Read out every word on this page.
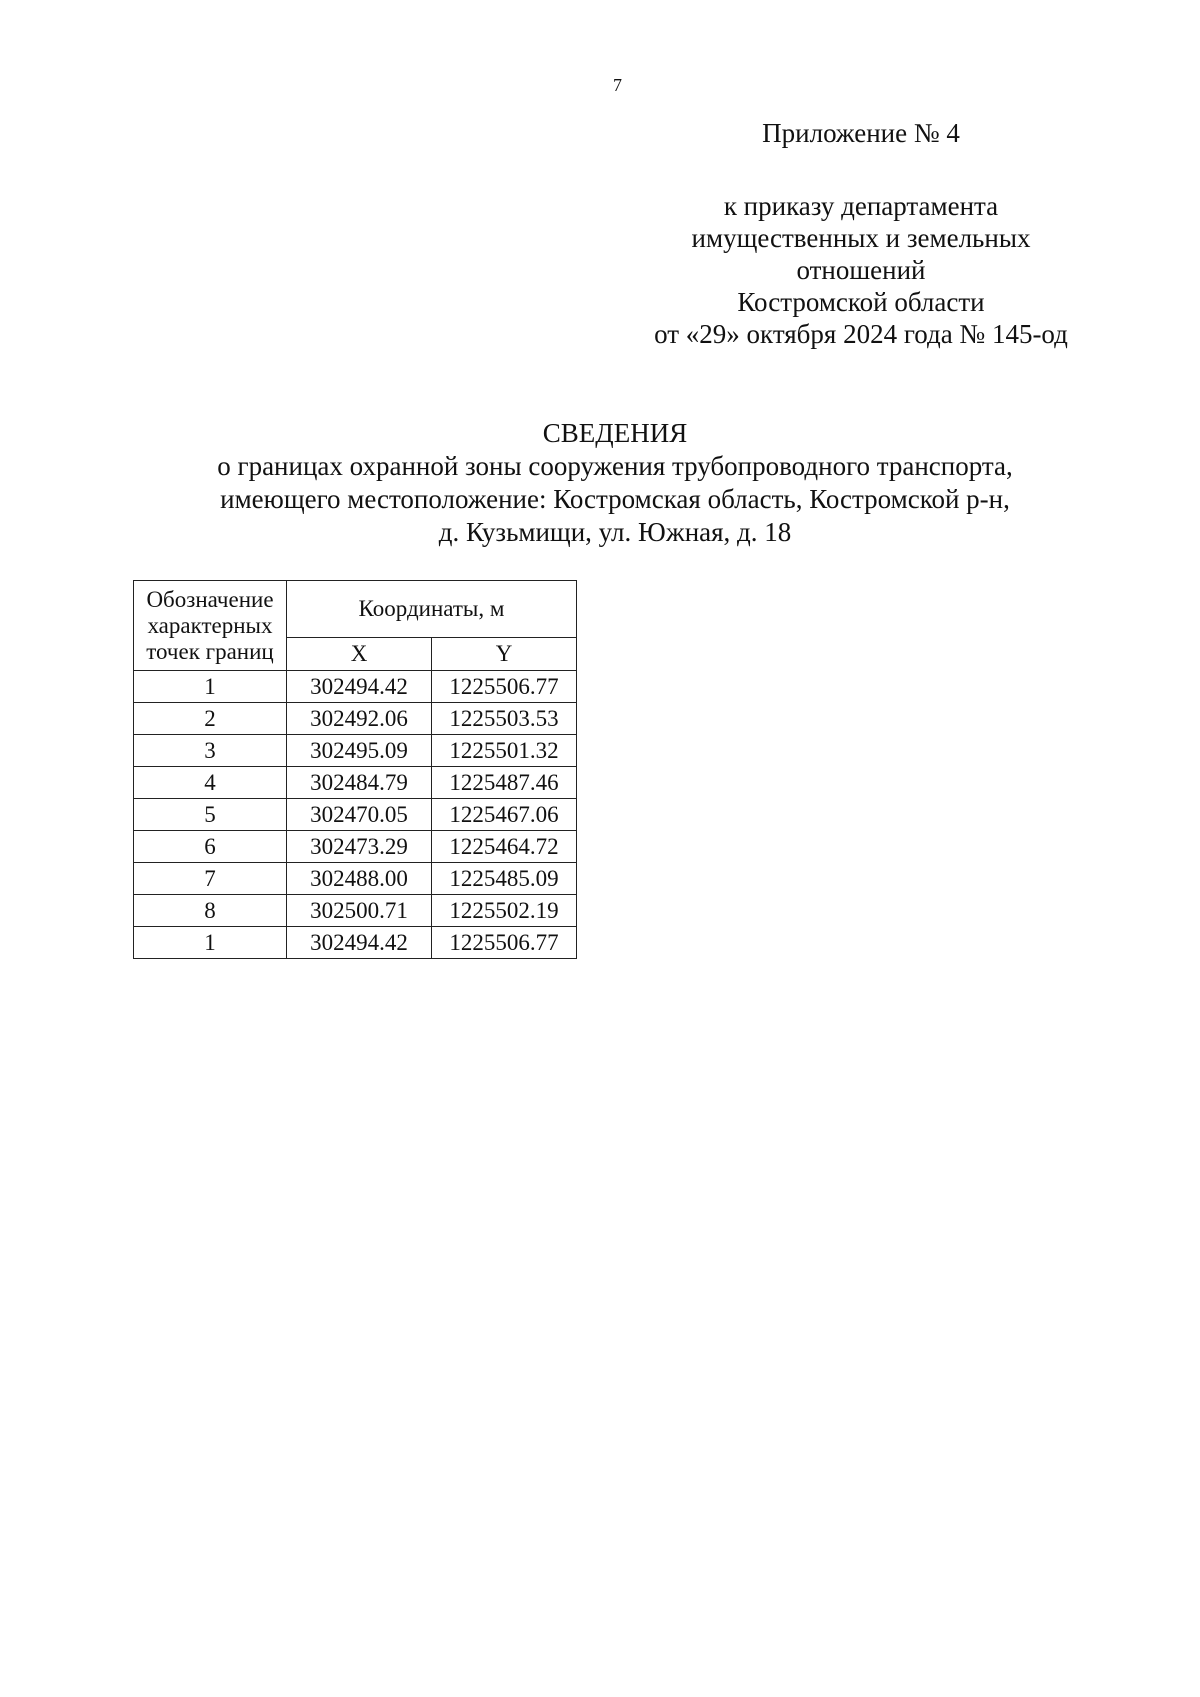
7
Приложение № 4
к приказу департамента
имущественных и земельных
отношений
Костромской области
от «29» октября 2024 года № 145-од
СВЕДЕНИЯ
о границах охранной зоны сооружения трубопроводного транспорта,
имеющего местоположение: Костромская область, Костромской р-н,
д. Кузьмищи, ул. Южная, д. 18
Обозначение
характерных
точек границ	Координаты, м	
	X	Y
1	302494.42	1225506.77
2	302492.06	1225503.53
3	302495.09	1225501.32
4	302484.79	1225487.46
5	302470.05	1225467.06
6	302473.29	1225464.72
7	302488.00	1225485.09
8	302500.71	1225502.19
1	302494.42	1225506.77
